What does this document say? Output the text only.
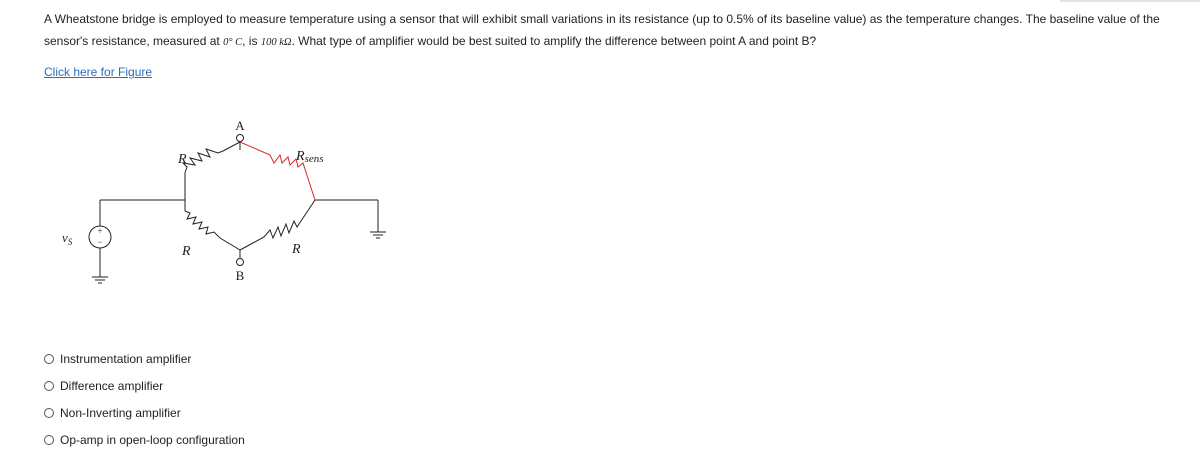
A Wheatstone bridge is employed to measure temperature using a sensor that will exhibit small variations in its resistance (up to 0.5% of its baseline value) as the temperature changes. The baseline value of the sensor's resistance, measured at 0° C, is 100 kΩ. What type of amplifier would be best suited to amplify the difference between point A and point B?
Click here for Figure
+
−
$v_S$
R	Rsens
R	R
A
B
Instrumentation amplifier
Difference amplifier
Non-Inverting amplifier
Op-amp in open-loop configuration
